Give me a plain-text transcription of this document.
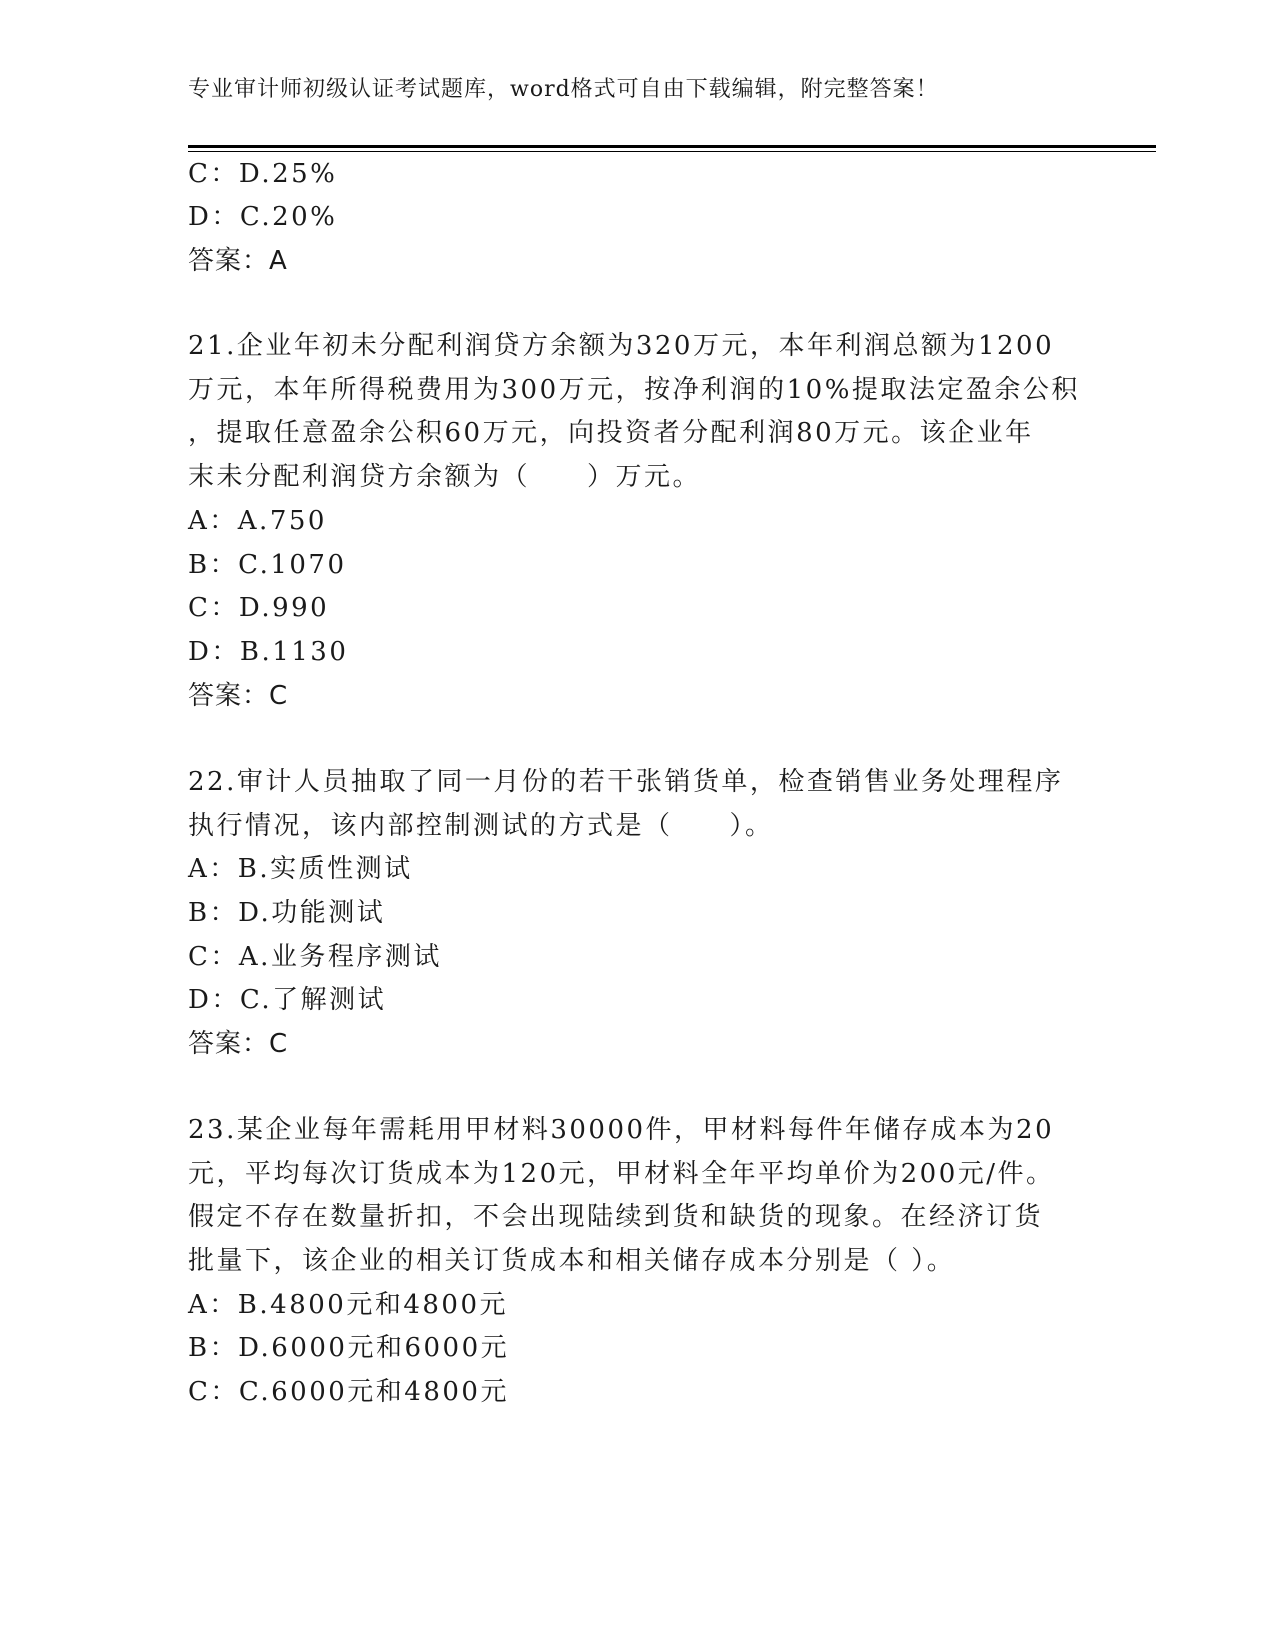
专业审计师初级认证考试题库，word格式可自由下载编辑，附完整答案！
C：D.25%
D：C.20%
答案：A
21.企业年初未分配利润贷方余额为320万元，本年利润总额为1200
万元，本年所得税费用为300万元，按净利润的10%提取法定盈余公积
，提取任意盈余公积60万元，向投资者分配利润80万元。该企业年
末未分配利润贷方余额为（　　）万元。
A：A.750
B：C.1070
C：D.990
D：B.1130
答案：C
22.审计人员抽取了同一月份的若干张销货单，检查销售业务处理程序
执行情况，该内部控制测试的方式是（　　）。
A：B.实质性测试
B：D.功能测试
C：A.业务程序测试
D：C.了解测试
答案：C
23.某企业每年需耗用甲材料30000件，甲材料每件年储存成本为20
元，平均每次订货成本为120元，甲材料全年平均单价为200元/件。
假定不存在数量折扣，不会出现陆续到货和缺货的现象。在经济订货
批量下，该企业的相关订货成本和相关储存成本分别是（ ）。
A：B.4800元和4800元
B：D.6000元和6000元
C：C.6000元和4800元
